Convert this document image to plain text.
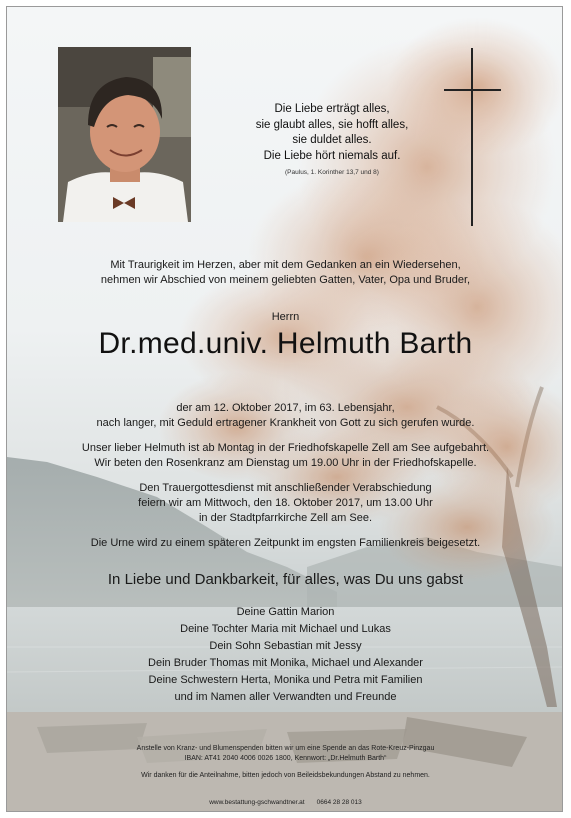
Die Liebe erträgt alles,
sie glaubt alles, sie hofft alles,
sie duldet alles.
Die Liebe hört niemals auf.
(Paulus, 1. Korinther 13,7 und 8)
Mit Traurigkeit im Herzen, aber mit dem Gedanken an ein Wiedersehen,
nehmen wir Abschied von meinem geliebten Gatten, Vater, Opa und Bruder,
Herrn
Dr.med.univ. Helmuth Barth
der am 12. Oktober 2017, im 63. Lebensjahr,
nach langer, mit Geduld ertragener Krankheit von Gott zu sich gerufen wurde.
Unser lieber Helmuth ist ab Montag in der Friedhofskapelle Zell am See aufgebahrt.
Wir beten den Rosenkranz am Dienstag um 19.00 Uhr in der Friedhofskapelle.
Den Trauergottesdienst mit anschließender Verabschiedung
feiern wir am Mittwoch, den 18. Oktober 2017, um 13.00 Uhr
in der Stadtpfarrkirche Zell am See.
Die Urne wird zu einem späteren Zeitpunkt im engsten Familienkreis beigesetzt.
In Liebe und Dankbarkeit, für alles, was Du uns gabst
Deine Gattin Marion
Deine Tochter Maria mit Michael und Lukas
Dein Sohn Sebastian mit Jessy
Dein Bruder Thomas mit Monika, Michael und Alexander
Deine Schwestern Herta, Monika und Petra mit Familien
und im Namen aller Verwandten und Freunde
Anstelle von Kranz- und Blumenspenden bitten wir um eine Spende an das Rote-Kreuz-Pinzgau
IBAN: AT41 2040 4006 0026 1800, Kennwort: „Dr.Helmuth Barth“
Wir danken für die Anteilnahme, bitten jedoch von Beileidsbekundungen Abstand zu nehmen.
www.bestattung-gschwandtner.at 0664 28 28 013
